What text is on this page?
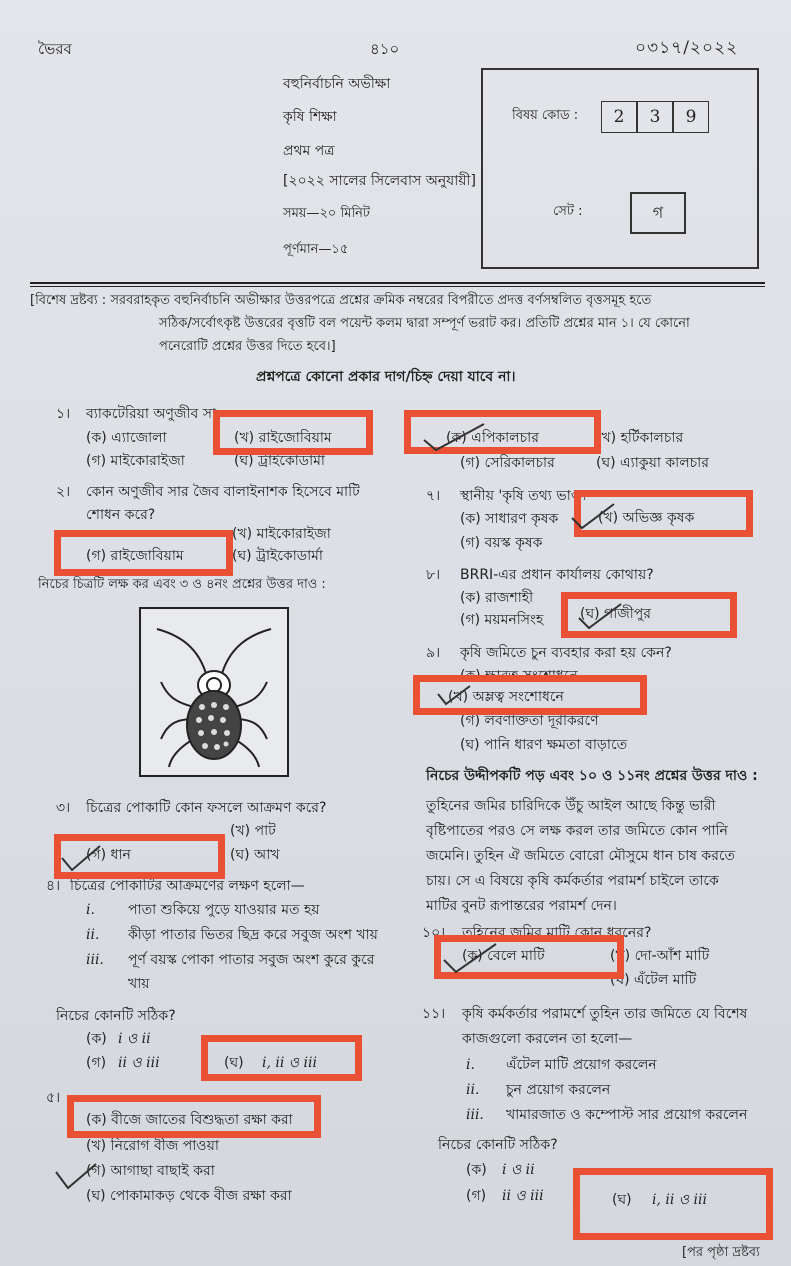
ভৈরব	৪১০	০৩১৭/২০২২
বহুনির্বাচনি অভীক্ষা
কৃষি শিক্ষা
প্রথম পত্র
[২০২২ সালের সিলেবাস অনুযায়ী]
সময়—২০ মিনিট
পূর্ণমান—১৫
বিষয় কোড :	2	3	9
সেট :	গ
[বিশেষ দ্রষ্টব্য : সরবরাহকৃত বহুনির্বাচনি অভীক্ষার উত্তরপত্রে প্রশ্নের ক্রমিক নম্বরের বিপরীতে প্রদত্ত বর্ণসম্বলিত বৃত্তসমূহ হতে
সঠিক/সর্বোৎকৃষ্ট উত্তরের বৃত্তটি বল পয়েন্ট কলম দ্বারা সম্পূর্ণ ভরাট কর। প্রতিটি প্রশ্নের মান ১। যে কোনো
পনেরোটি প্রশ্নের উত্তর দিতে হবে।]
প্রশ্নপত্রে কোনো প্রকার দাগ/চিহ্ন দেয়া যাবে না।
১। ব্যাকটেরিয়া অণুজীব সা
(ক) এ্যাজোলা	(খ) রাইজোবিয়াম
(গ) মাইকোরাইজা	(ঘ) ট্রাইকোডার্মা
২। কোন অণুজীব সার জৈব বালাইনাশক হিসেবে মাটি
শোধন করে?
(খ) মাইকোরাইজা
(গ) রাইজোবিয়াম	(ঘ) ট্রাইকোডার্মা
নিচের চিত্রটি লক্ষ কর এবং ৩ ও ৪নং প্রশ্নের উত্তর দাও :
৩। চিত্রের পোকাটি কোন ফসলে আক্রমণ করে?
(খ) পাট
(গ) ধান	(ঘ) আখ
৪। চিত্রের পোকাটির আক্রমণের লক্ষণ হলো—
i. পাতা শুকিয়ে পুড়ে যাওয়ার মত হয়
ii. কীড়া পাতার ভিতর ছিদ্র করে সবুজ অংশ খায়
iii. পূর্ণ বয়স্ক পোকা পাতার সবুজ অংশ কুরে কুরে
খায়
নিচের কোনটি সঠিক?
(ক) i ও ii
(গ) ii ও iii	(ঘ) i, ii ও iii
৫।
(ক) বীজে জাতের বিশুদ্ধতা রক্ষা করা
(খ) নিরোগ বীজ পাওয়া
(গ) আগাছা বাছাই করা
(ঘ) পোকামাকড় থেকে বীজ রক্ষা করা
(ক) এপিকালচার	(খ) হর্টিকালচার
(গ) সেরিকালচার	(ঘ) এ্যাকুয়া কালচার
৭। স্থানীয় 'কৃষি তথ্য ভাণ্ডা
(ক) সাধারণ কৃষক	(খ) অভিজ্ঞ কৃষক
(গ) বয়স্ক কৃষক
৮। BRRI-এর প্রধান কার্যালয় কোথায়?
(ক) রাজশাহী
(গ) ময়মনসিংহ	(ঘ) গাজীপুর
৯। কৃষি জমিতে চুন ব্যবহার করা হয় কেন?
(ক) ক্ষারত্ব সংশোধনে
(খ) অম্লত্ব সংশোধনে
(গ) লবণাক্ততা দূরীকরণে
(ঘ) পানি ধারণ ক্ষমতা বাড়াতে
নিচের উদ্দীপকটি পড় এবং ১০ ও ১১নং প্রশ্নের উত্তর দাও :
তুহিনের জমির চারিদিকে উঁচু আইল আছে কিন্তু ভারী
বৃষ্টিপাতের পরও সে লক্ষ করল তার জমিতে কোন পানি
জমেনি। তুহিন ঐ জমিতে বোরো মৌসুমে ধান চাষ করতে
চায়। সে এ বিষয়ে কৃষি কর্মকর্তার পরামর্শ চাইলে তাকে
মাটির বুনট রূপান্তরের পরামর্শ দেন।
১০। তুহিনের জমির মাটি কোন ধরনের?
(ক) বেলে মাটি	(খ) দো-আঁশ মাটি
(ঘ) এঁটেল মাটি
১১। কৃষি কর্মকর্তার পরামর্শে তুহিন তার জমিতে যে বিশেষ
কাজগুলো করলেন তা হলো—
i. এঁটেল মাটি প্রয়োগ করলেন
ii. চুন প্রয়োগ করলেন
iii. খামারজাত ও কম্পোস্ট সার প্রয়োগ করলেন
নিচের কোনটি সঠিক?
(ক) i ও ii
(গ) ii ও iii	(ঘ) i, ii ও iii
[পর পৃষ্ঠা দ্রষ্টব্য
